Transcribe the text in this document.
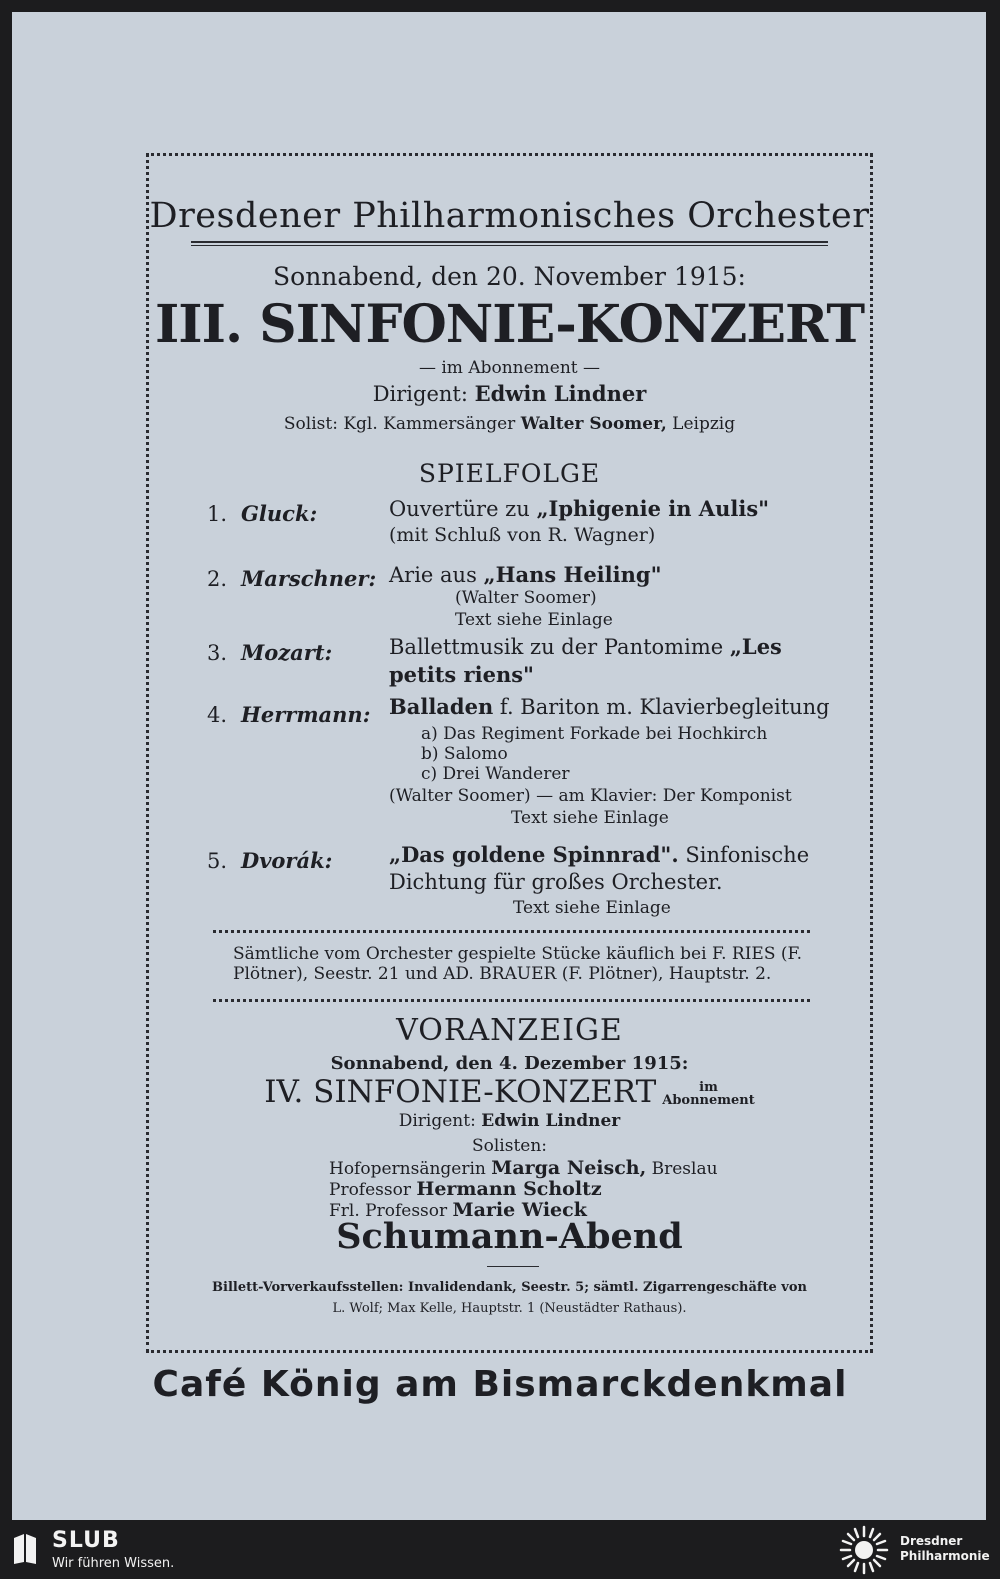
Dresdener Philharmonisches Orchester
Sonnabend, den 20. November 1915:
III. SINFONIE-KONZERT
— im Abonnement —
Dirigent: Edwin Lindner
Solist: Kgl. Kammersänger Walter Soomer, Leipzig
SPIELFOLGE
1. Gluck:	Ouvertüre zu „Iphigenie in Aulis"
(mit Schluß von R. Wagner)
2. Marschner: Arie aus „Hans Heiling"
(Walter Soomer)
Text siehe Einlage
3. Mozart:	Ballettmusik zu der Pantomime „Les
petits riens"
4. Herrmann: Balladen f. Bariton m. Klavierbegleitung
a) Das Regiment Forkade bei Hochkirch
b) Salomo
c) Drei Wanderer
(Walter Soomer) — am Klavier: Der Komponist
Text siehe Einlage
5. Dvorák:	„Das goldene Spinnrad". Sinfonische
Dichtung für großes Orchester.
Text siehe Einlage
Sämtliche vom Orchester gespielte Stücke käuflich bei F. RIES (F.
Plötner), Seestr. 21 und AD. BRAUER (F. Plötner), Hauptstr. 2.
VORANZEIGE
Sonnabend, den 4. Dezember 1915:
IV. SINFONIE-KONZERT	im
Abonnement
Dirigent: Edwin Lindner
Solisten:
Hofopernsängerin Marga Neisch, Breslau
Professor Hermann Scholtz
Frl. Professor Marie Wieck
Schumann-Abend
Billett-Vorverkaufsstellen: Invalidendank, Seestr. 5; sämtl. Zigarrengeschäfte von
L. Wolf; Max Kelle, Hauptstr. 1 (Neustädter Rathaus).
Café König am Bismarckdenkmal
SLUB
Wir führen Wissen.
Dresdner
Philharmonie
